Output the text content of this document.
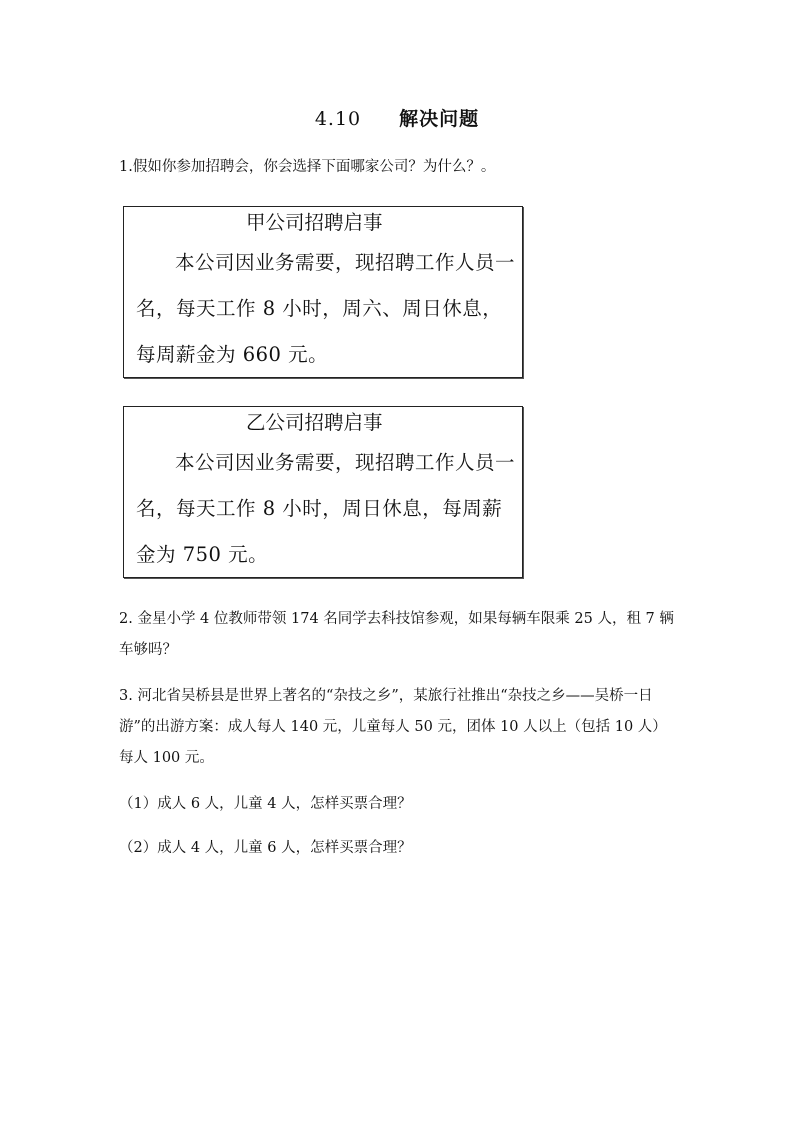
4.10 解决问题

1.假如你参加招聘会，你会选择下面哪家公司？为什么？。

甲公司招聘启事
本公司因业务需要，现招聘工作人员一名，每天工作 8 小时，周六、周日休息，每周薪金为 660 元。
乙公司招聘启事
本公司因业务需要，现招聘工作人员一名，每天工作 8 小时，周日休息，每周薪金为 750 元。

2. 金星小学 4 位教师带领 174 名同学去科技馆参观，如果每辆车限乘 25 人，租 7 辆车够吗？

3. 河北省吴桥县是世界上著名的“杂技之乡”，某旅行社推出“杂技之乡——吴桥一日游”的出游方案：成人每人 140 元，儿童每人 50 元，团体 10 人以上（包括 10 人）每人 100 元。

（1）成人 6 人，儿童 4 人，怎样买票合理？

（2）成人 4 人，儿童 6 人，怎样买票合理？
